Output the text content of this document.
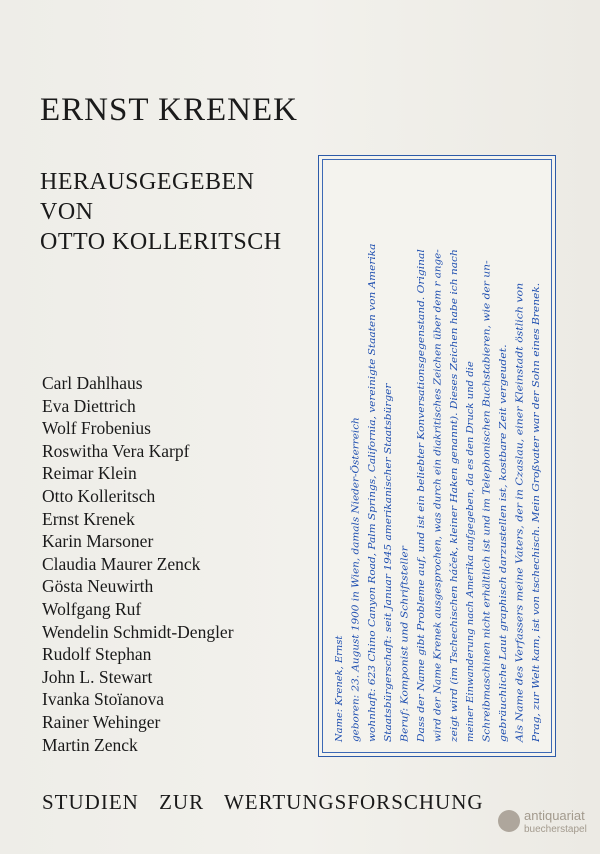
ERNST KRENEK
HERAUSGEGEBEN
VON
OTTO KOLLERITSCH
Carl Dahlhaus
Eva Diettrich
Wolf Frobenius
Roswitha Vera Karpf
Reimar Klein
Otto Kolleritsch
Ernst Krenek
Karin Marsoner
Claudia Maurer Zenck
Gösta Neuwirth
Wolfgang Ruf
Wendelin Schmidt-Dengler
Rudolf Stephan
John L. Stewart
Ivanka Stoïanova
Rainer Wehinger
Martin Zenck
Name: Krenek, Ernst geboren: 23. August 1900 in Wien, damals Nieder-Österreich wohnhaft: 623 Chino Canyon Road, Palm Springs, California, vereinigte Staaten von Amerika Staatsbürgerschaft: seit Januar 1945 amerikanischer Staatsbürger Beruf: Komponist und Schriftsteller Dass der Name gibt Probleme auf, und ist ein beliebter Konversationsgegenstand. Original wird der Name Krenek ausgesprochen, was durch ein diakritisches Zeichen über dem r ange- zeigt wird (im Tschechischen háček, kleiner Haken genannt). Dieses Zeichen habe ich nach meiner Einwanderung nach Amerika aufgegeben, da es den Druck und die Schreibmaschinen nicht erhältlich ist und im Telephonischen Buchstabieren, wie der un- gebräuchliche Laut graphisch darzustellen ist, kostbare Zeit vergeudet. Als Name des Verfassers meine Vaters, der in Czaslau, einer Kleinstadt östlich von Prag, zur Welt kam, ist von tschechisch. Mein Großvater war der Sohn eines Brenek.
STUDIEN ZUR WERTUNGSFORSCHUNG
antiquariat
buecherstapel
